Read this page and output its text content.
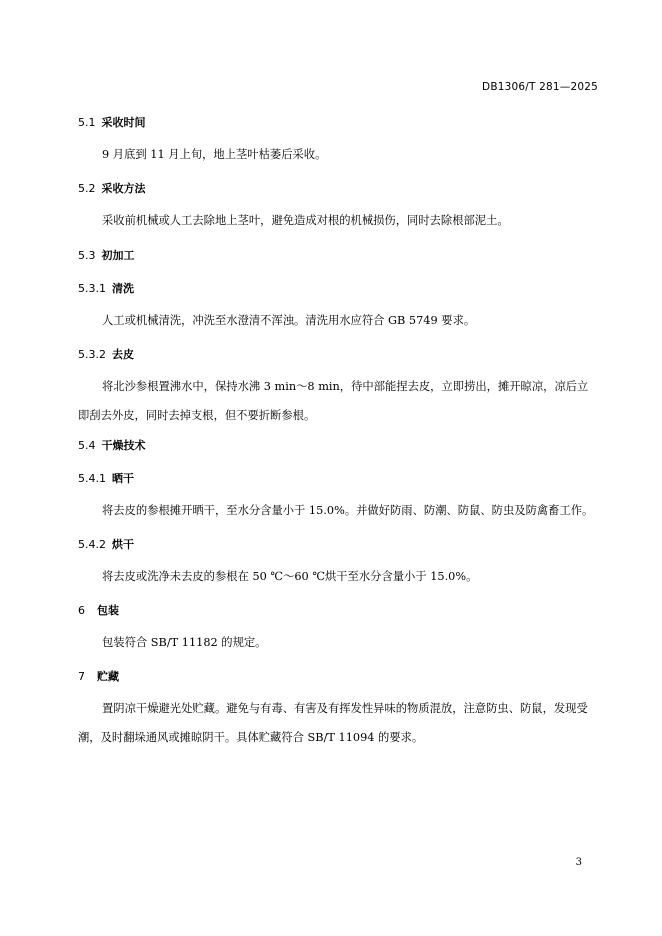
DB1306/T 281—2025
5.1 采收时间
9 月底到 11 月上旬，地上茎叶枯萎后采收。
5.2 采收方法
采收前机械或人工去除地上茎叶，避免造成对根的机械损伤，同时去除根部泥土。
5.3 初加工
5.3.1 清洗
人工或机械清洗，冲洗至水澄清不浑浊。清洗用水应符合 GB 5749 要求。
5.3.2 去皮
将北沙参根置沸水中，保持水沸 3 min～8 min，待中部能捏去皮，立即捞出，摊开晾凉，凉后立即刮去外皮，同时去掉支根，但不要折断参根。
5.4 干燥技术
5.4.1 晒干
将去皮的参根摊开晒干，至水分含量小于 15.0%。并做好防雨、防潮、防鼠、防虫及防禽畜工作。
5.4.2 烘干
将去皮或洗净未去皮的参根在 50 ℃～60 ℃烘干至水分含量小于 15.0%。
6 包装
包装符合 SB/T 11182 的规定。
7 贮藏
置阴凉干燥避光处贮藏。避免与有毒、有害及有挥发性异味的物质混放，注意防虫、防鼠，发现受潮，及时翻垛通风或摊晾阴干。具体贮藏符合 SB/T 11094 的要求。
3
